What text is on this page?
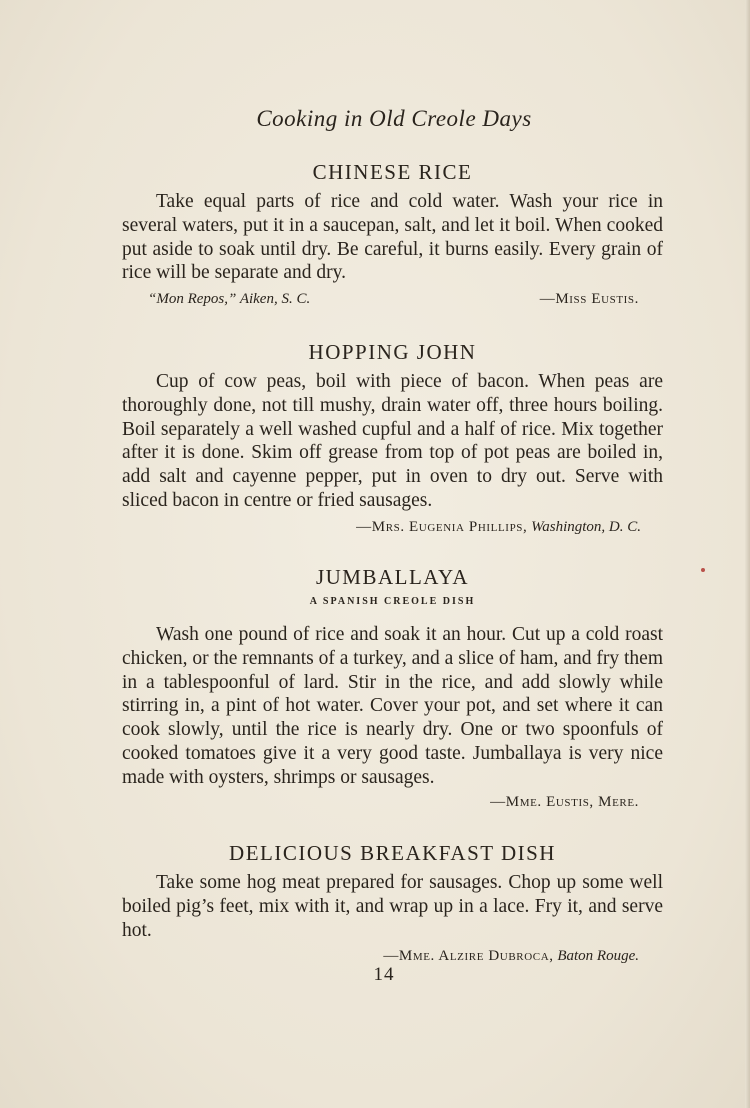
Cooking in Old Creole Days

CHINESE RICE

Take equal parts of rice and cold water. Wash your rice in several waters, put it in a saucepan, salt, and let it boil. When cooked put aside to soak until dry. Be careful, it burns easily. Every grain of rice will be separate and dry.

“Mon Repos,” Aiken, S. C.	—Miss Eustis.

HOPPING JOHN

Cup of cow peas, boil with piece of bacon. When peas are thoroughly done, not till mushy, drain water off, three hours boiling. Boil separately a well washed cupful and a half of rice. Mix together after it is done. Skim off grease from top of pot peas are boiled in, add salt and cayenne pepper, put in oven to dry out. Serve with sliced bacon in centre or fried sausages.

—Mrs. Eugenia Phillips, Washington, D. C.

JUMBALLAYA

A SPANISH CREOLE DISH

Wash one pound of rice and soak it an hour. Cut up a cold roast chicken, or the remnants of a turkey, and a slice of ham, and fry them in a tablespoonful of lard. Stir in the rice, and add slowly while stirring in, a pint of hot water. Cover your pot, and set where it can cook slowly, until the rice is nearly dry. One or two spoonfuls of cooked tomatoes give it a very good taste. Jumballaya is very nice made with oysters, shrimps or sausages.

—Mme. Eustis, Mere.

DELICIOUS BREAKFAST DISH

Take some hog meat prepared for sausages. Chop up some well boiled pig’s feet, mix with it, and wrap up in a lace. Fry it, and serve hot.

—Mme. Alzire Dubroca, Baton Rouge.
14
